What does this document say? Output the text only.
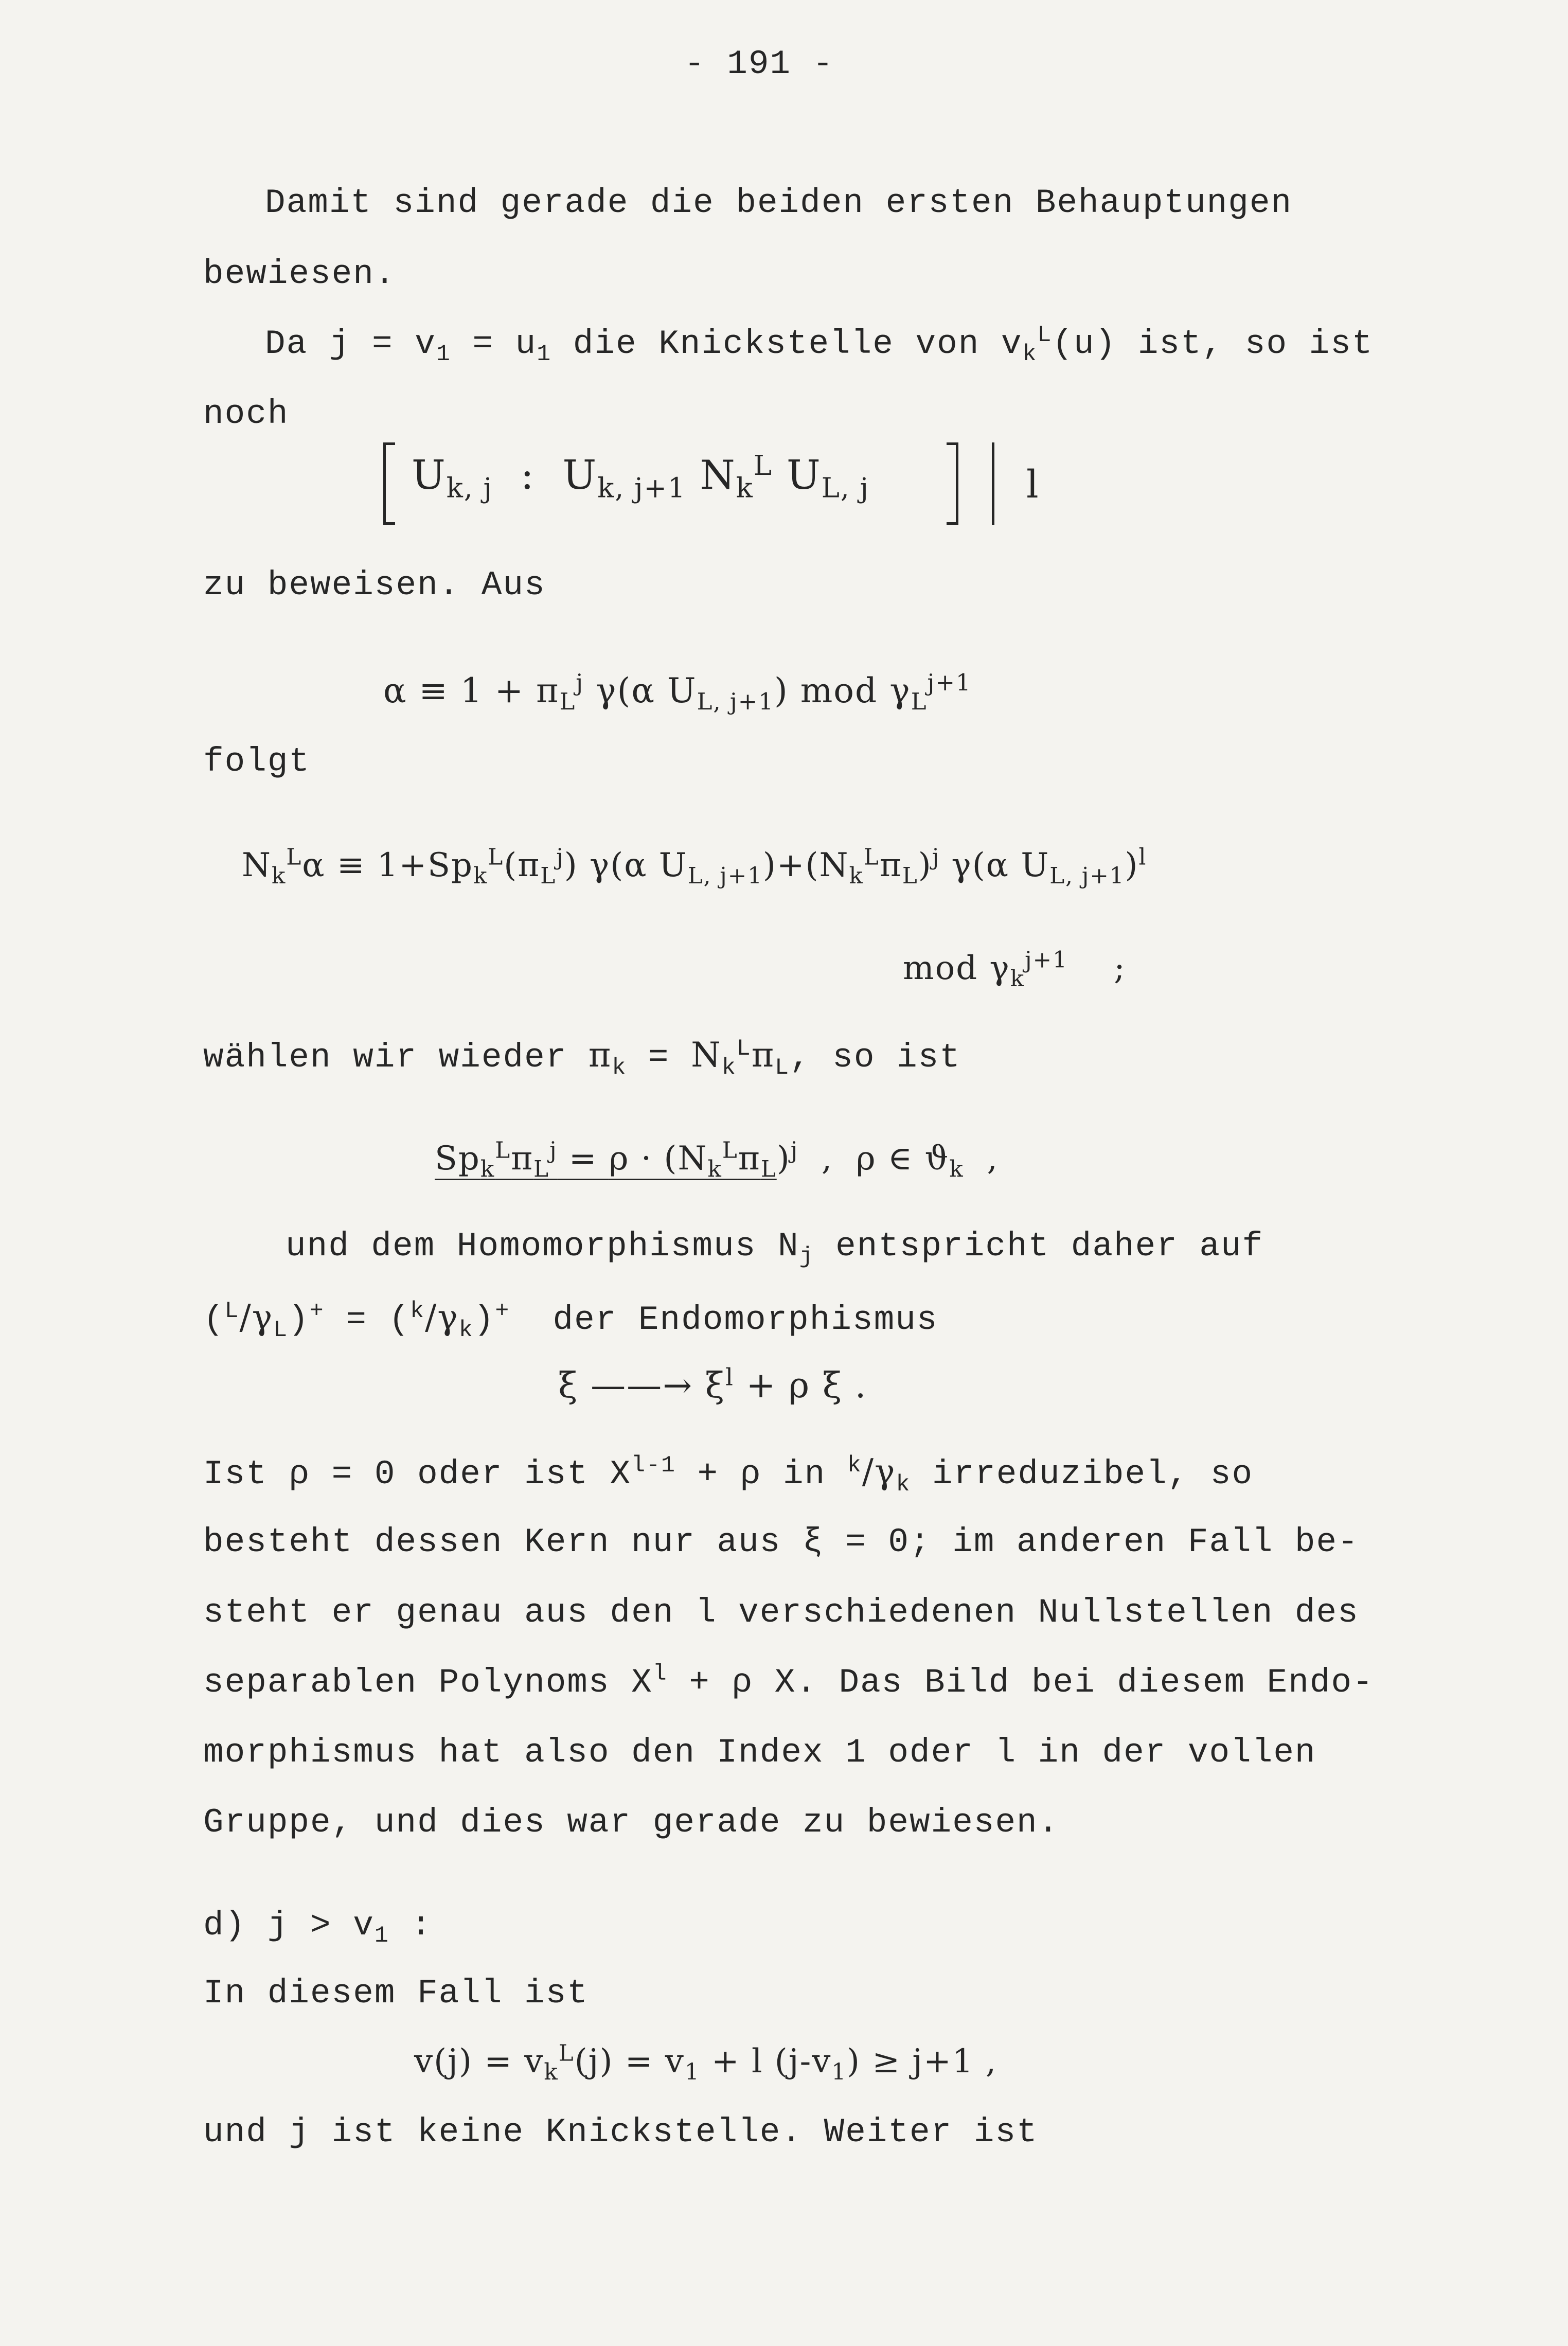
- 191 -
Damit sind gerade die beiden ersten Behauptungen
bewiesen.
Da $j = v_1 = u_1$ die Knickstelle von $v_k^L(u)$ ist, so ist
noch
$U_{k, j}$ : $U_{k, j+1}$ $N_k^L$ $U_{L, j}$	l
zu beweisen. Aus
$\alpha \equiv 1 + \pi_L^j$ γ(α $U_{L, j+1}$) mod $\gamma_L^{j+1}$
folgt
$N_k^L\alpha \equiv 1+Sp_k^L(\pi_L^j)$ γ(α $U_{L, j+1})+(N_k^L\pi_L)^j$ γ(α $U_{L, j+1})^l$
mod $\gamma_k^{j+1}$ ;
wählen wir wieder $\pi_k = N_k^L\pi_L$, so ist
$Sp_k^L\pi_L^j = \rho \cdot (N_k^L\pi_L)^j$ , ρ ∈ $ϑ_k$ ,
und dem Homomorphismus $N_j$ entspricht daher auf
$(^L/\gamma_L)^+ = (^k/\gamma_k)^+$ der Endomorphismus
ξ ——→ $\xi^l + \rho$ ξ .
Ist ρ = 0 oder ist $X^{l-1} + \rho$ in $^k/\gamma_k$ irreduzibel, so
besteht dessen Kern nur aus ξ = 0; im anderen Fall be-
steht er genau aus den l verschiedenen Nullstellen des
separablen Polynoms $X^l + \rho$ X. Das Bild bei diesem Endo-
morphismus hat also den Index 1 oder l in der vollen
Gruppe, und dies war gerade zu bewiesen.
d) $j > v_1$ :
In diesem Fall ist
$v(j) = v_k^L(j) = v_1 + l$ $(j-v_1) \ge j+1$ ,
und j ist keine Knickstelle. Weiter ist
